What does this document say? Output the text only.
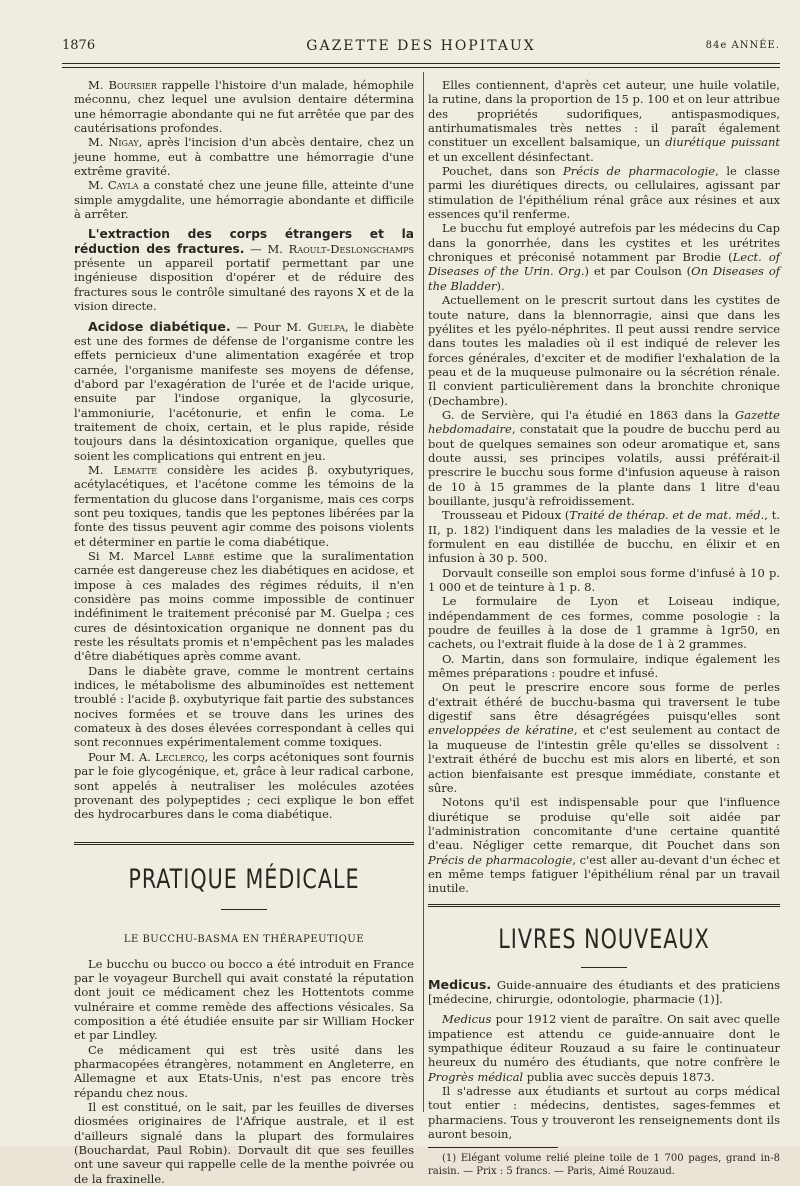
1876	GAZETTE DES HOPITAUX	84e ANNÉE.

M. Boursier rappelle l'histoire d'un malade, hémophile méconnu, chez lequel une avulsion dentaire détermina une hémorragie abondante qui ne fut arrêtée que par des cautérisations profondes.

M. Nigay, après l'incision d'un abcès dentaire, chez un jeune homme, eut à combattre une hémorragie d'une extrême gravité.

M. Cayla a constaté chez une jeune fille, atteinte d'une simple amygdalite, une hémorragie abondante et difficile à arrêter.

L'extraction des corps étrangers et la réduction des fractures. — M. Raoult-Deslongchamps présente un appareil portatif permettant par une ingénieuse disposition d'opérer et de réduire des fractures sous le contrôle simultané des rayons X et de la vision directe.

Acidose diabétique. — Pour M. Guelpa, le diabète est une des formes de défense de l'organisme contre les effets pernicieux d'une alimentation exagérée et trop carnée, l'organisme manifeste ses moyens de défense, d'abord par l'exagération de l'urée et de l'acide urique, ensuite par l'indose organique, la glycosurie, l'ammoniurie, l'acétonurie, et enfin le coma. Le traitement de choix, certain, et le plus rapide, réside toujours dans la désintoxication organique, quelles que soient les complications qui entrent en jeu.

M. Lematte considère les acides β. oxybutyriques, acétylacétiques, et l'acétone comme les témoins de la fermentation du glucose dans l'organisme, mais ces corps sont peu toxiques, tandis que les peptones libérées par la fonte des tissus peuvent agir comme des poisons violents et déterminer en partie le coma diabétique.

Si M. Marcel Labbé estime que la suralimentation carnée est dangereuse chez les diabétiques en acidose, et impose à ces malades des régimes réduits, il n'en considère pas moins comme impossible de continuer indéfiniment le traitement préconisé par M. Guelpa ; ces cures de désintoxication organique ne donnent pas du reste les résultats promis et n'empêchent pas les malades d'être diabétiques après comme avant.

Dans le diabète grave, comme le montrent certains indices, le métabolisme des albuminoïdes est nettement troublé : l'acide β. oxybutyrique fait partie des substances nocives formées et se trouve dans les urines des comateux à des doses élevées correspondant à celles qui sont reconnues expérimentalement comme toxiques.

Pour M. A. Leclercq, les corps acétoniques sont fournis par le foie glycogénique, et, grâce à leur radical carbone, sont appelés à neutraliser les molécules azotées provenant des polypeptides ; ceci explique le bon effet des hydrocarbures dans le coma diabétique.

PRATIQUE MÉDICALE
LE BUCCHU-BASMA EN THÉRAPEUTIQUE

Le bucchu ou bucco ou bocco a été introduit en France par le voyageur Burchell qui avait constaté la réputation dont jouit ce médicament chez les Hottentots comme vulnéraire et comme remède des affections vésicales. Sa composition a été étudiée ensuite par sir William Hocker et par Lindley.

Ce médicament qui est très usité dans les pharmacopées étrangères, notamment en Angleterre, en Allemagne et aux Etats-Unis, n'est pas encore très répandu chez nous.

Il est constitué, on le sait, par les feuilles de diverses diosmées originaires de l'Afrique australe, et il est d'ailleurs signalé dans la plupart des formulaires (Bouchardat, Paul Robin). Dorvault dit que ses feuilles ont une saveur qui rappelle celle de la menthe poivrée ou de la fraxinelle.

Elles contiennent, d'après cet auteur, une huile volatile, la rutine, dans la proportion de 15 p. 100 et on leur attribue des propriétés sudorifiques, antispasmodiques, antirhumatismales très nettes : il paraît également constituer un excellent balsamique, un diurétique puissant et un excellent désinfectant.

Pouchet, dans son Précis de pharmacologie, le classe parmi les diurétiques directs, ou cellulaires, agissant par stimulation de l'épithélium rénal grâce aux résines et aux essences qu'il renferme.

Le bucchu fut employé autrefois par les médecins du Cap dans la gonorrhée, dans les cystites et les urétrites chroniques et préconisé notamment par Brodie (Lect. of Diseases of the Urin. Org.) et par Coulson (On Diseases of the Bladder).

Actuellement on le prescrit surtout dans les cystites de toute nature, dans la blennorragie, ainsi que dans les pyélites et les pyélo-néphrites. Il peut aussi rendre service dans toutes les maladies où il est indiqué de relever les forces générales, d'exciter et de modifier l'exhalation de la peau et de la muqueuse pulmonaire ou la sécrétion rénale. Il convient particulièrement dans la bronchite chronique (Dechambre).

G. de Servière, qui l'a étudié en 1863 dans la Gazette hebdomadaire, constatait que la poudre de bucchu perd au bout de quelques semaines son odeur aromatique et, sans doute aussi, ses principes volatils, aussi préférait-il prescrire le bucchu sous forme d'infusion aqueuse à raison de 10 à 15 grammes de la plante dans 1 litre d'eau bouillante, jusqu'à refroidissement.

Trousseau et Pidoux (Traité de thérap. et de mat. méd., t. II, p. 182) l'indiquent dans les maladies de la vessie et le formulent en eau distillée de bucchu, en élixir et en infusion à 30 p. 500.

Dorvault conseille son emploi sous forme d'infusé à 10 p. 1 000 et de teinture à 1 p. 8.

Le formulaire de Lyon et Loiseau indique, indépendamment de ces formes, comme posologie : la poudre de feuilles à la dose de 1 gramme à 1gr50, en cachets, ou l'extrait fluide à la dose de 1 à 2 grammes.

O. Martin, dans son formulaire, indique également les mêmes préparations : poudre et infusé.

On peut le prescrire encore sous forme de perles d'extrait éthéré de bucchu-basma qui traversent le tube digestif sans être désagrégées puisqu'elles sont enveloppées de kératine, et c'est seulement au contact de la muqueuse de l'intestin grêle qu'elles se dissolvent : l'extrait éthéré de bucchu est mis alors en liberté, et son action bienfaisante est presque immédiate, constante et sûre.

Notons qu'il est indispensable pour que l'influence diurétique se produise qu'elle soit aidée par l'administration concomitante d'une certaine quantité d'eau. Négliger cette remarque, dit Pouchet dans son Précis de pharmacologie, c'est aller au-devant d'un échec et en même temps fatiguer l'épithélium rénal par un travail inutile.

LIVRES NOUVEAUX

Medicus. Guide-annuaire des étudiants et des praticiens [médecine, chirurgie, odontologie, pharmacie (1)].

Medicus pour 1912 vient de paraître. On sait avec quelle impatience est attendu ce guide-annuaire dont le sympathique éditeur Rouzaud a su faire le continuateur heureux du numéro des étudiants, que notre confrère le Progrès médical publia avec succès depuis 1873.

Il s'adresse aux étudiants et surtout au corps médical tout entier : médecins, dentistes, sages-femmes et pharmaciens. Tous y trouveront les renseignements dont ils auront besoin,

(1) Elégant volume relié pleine toile de 1 700 pages, grand in-8 raisin. — Prix : 5 francs. — Paris, Aimé Rouzaud.
